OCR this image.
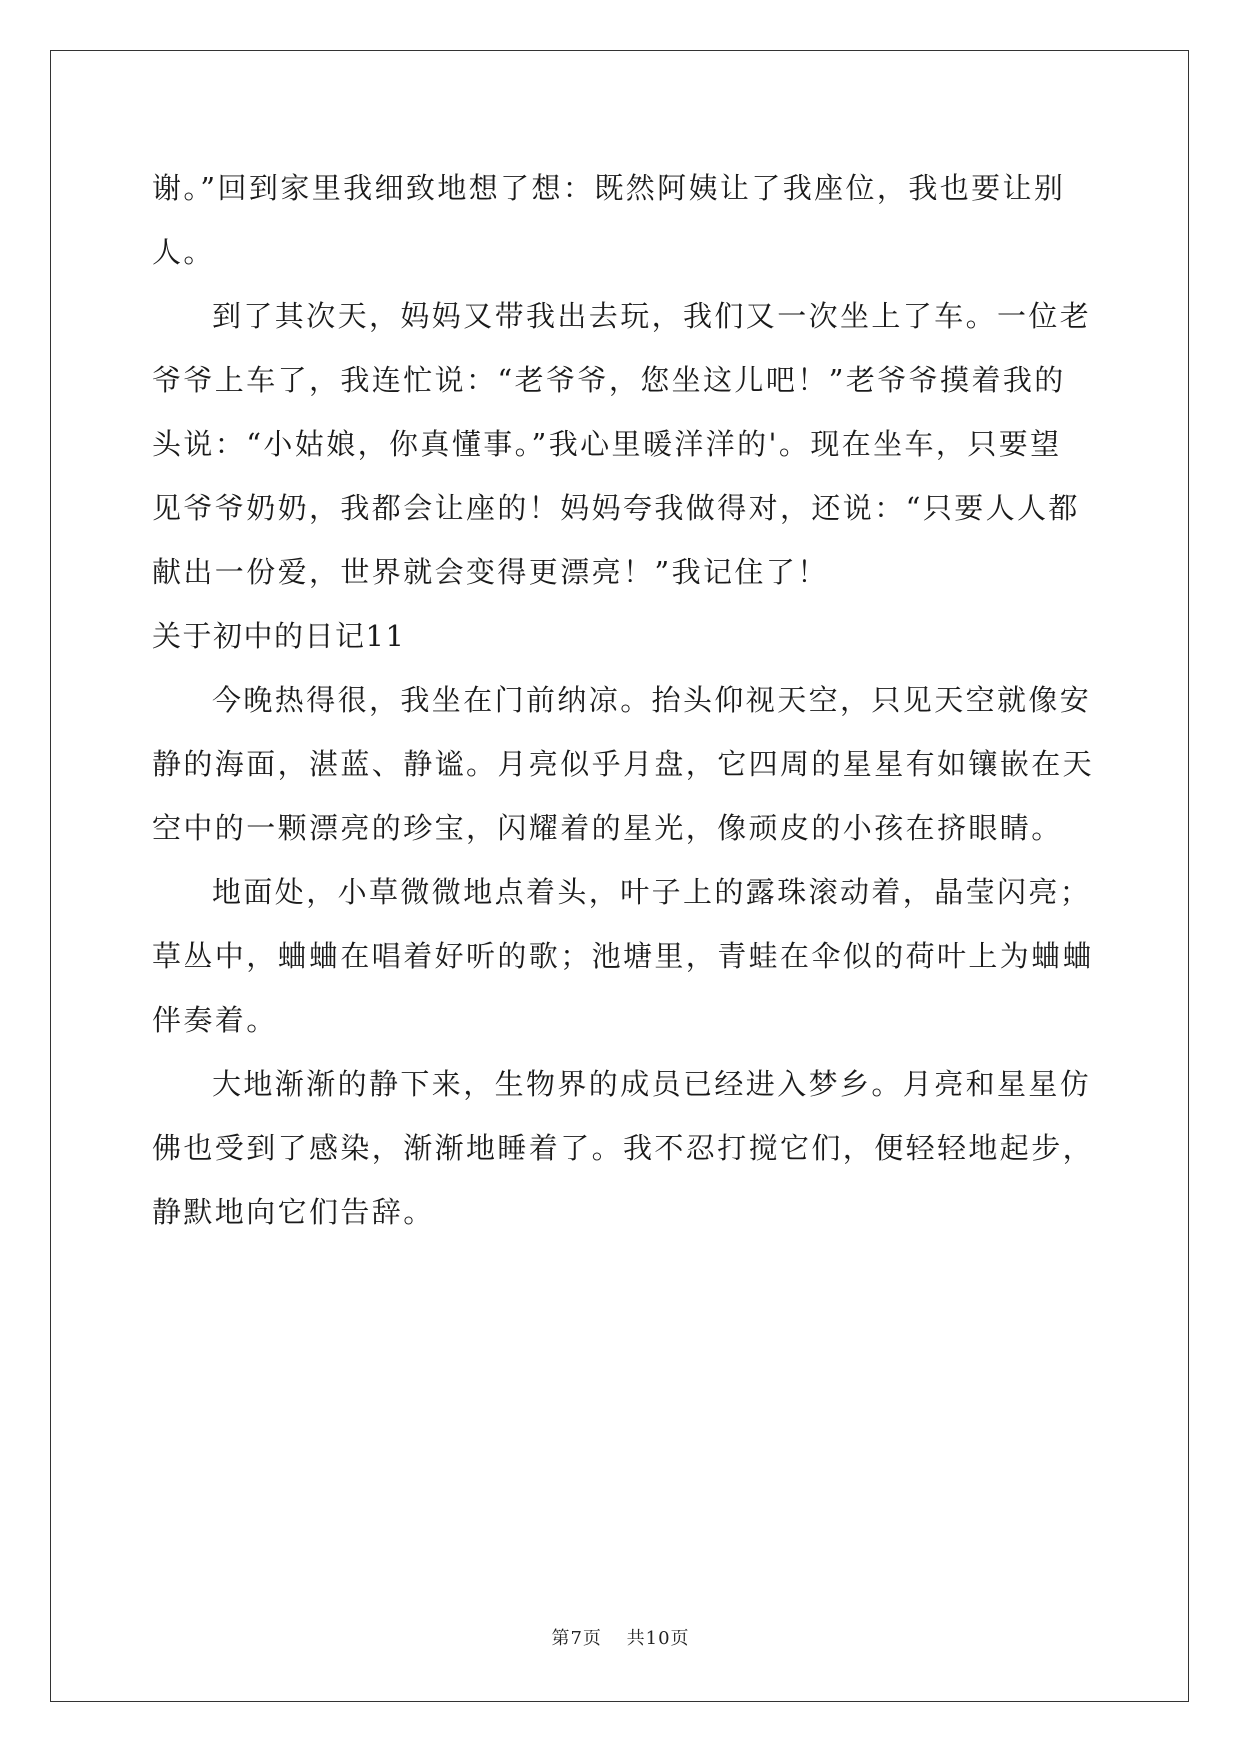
谢。”回到家里我细致地想了想：既然阿姨让了我座位，我也要让别
人。
到了其次天，妈妈又带我出去玩，我们又一次坐上了车。一位老
爷爷上车了，我连忙说：“老爷爷，您坐这儿吧！”老爷爷摸着我的
头说：“小姑娘，你真懂事。”我心里暖洋洋的'。现在坐车，只要望
见爷爷奶奶，我都会让座的！妈妈夸我做得对，还说：“只要人人都
献出一份爱，世界就会变得更漂亮！”我记住了！
关于初中的日记11
今晚热得很，我坐在门前纳凉。抬头仰视天空，只见天空就像安
静的海面，湛蓝、静谧。月亮似乎月盘，它四周的星星有如镶嵌在天
空中的一颗漂亮的珍宝，闪耀着的星光，像顽皮的小孩在挤眼睛。
地面处，小草微微地点着头，叶子上的露珠滚动着，晶莹闪亮；
草丛中，蛐蛐在唱着好听的歌；池塘里，青蛙在伞似的荷叶上为蛐蛐
伴奏着。
大地渐渐的静下来，生物界的成员已经进入梦乡。月亮和星星仿
佛也受到了感染，渐渐地睡着了。我不忍打搅它们，便轻轻地起步，
静默地向它们告辞。
第7页 共10页
